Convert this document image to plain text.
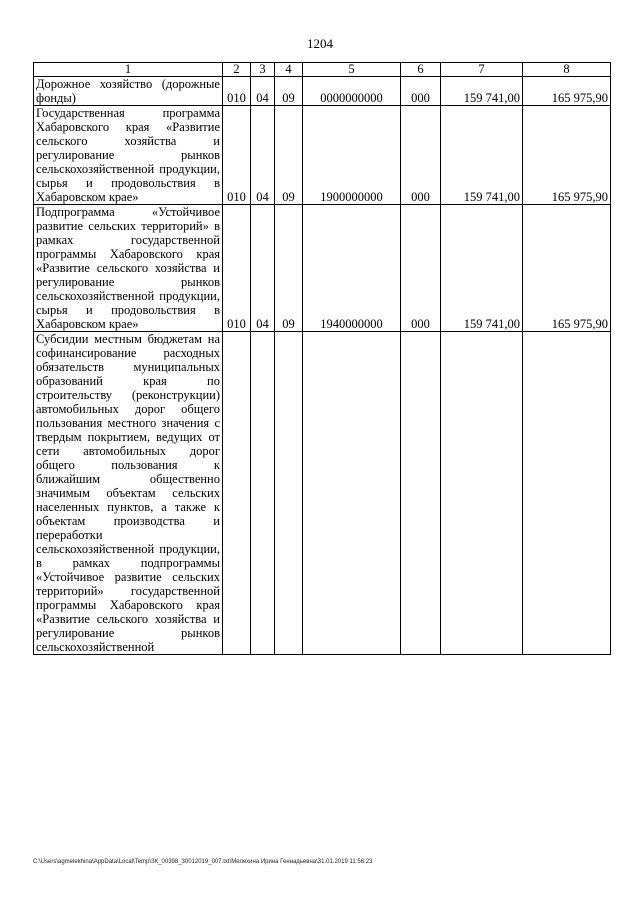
1204
1	2	3	4	5	6	7	8
Дорожное хозяйство (дорожные фонды)	010	04	09	0000000000	000	159 741,00	165 975,90
Государственная программа Хабаровского края «Развитие сельского хозяйства и регулирование рынков сельскохозяйственной продукции, сырья и продовольствия в Хабаровском крае»	010	04	09	1900000000	000	159 741,00	165 975,90
Подпрограмма «Устойчивое развитие сельских территорий» в рамках государственной программы Хабаровского края «Развитие сельского хозяйства и регулирование рынков сельскохозяйственной продукции, сырья и продовольствия в Хабаровском крае»	010	04	09	1940000000	000	159 741,00	165 975,90
Субсидии местным бюджетам на софинансирование расходных обязательств муниципальных образований края по строительству (реконструкции) автомобильных дорог общего пользования местного значения с твердым покрытием, ведущих от сети автомобильных дорог общего пользования к ближайшим общественно значимым объектам сельских населенных пунктов, а также к объектам производства и переработки сельскохозяйственной продукции, в рамках подпрограммы «Устойчивое развитие сельских территорий» государственной программы Хабаровского края «Развитие сельского хозяйства и регулирование рынков сельскохозяйственной							
C:\Users\agmelekhina\AppData\Local\Temp\ЗК_00398_30012019_007.txt\Мелехина Ирина Геннадьевна\31.01.2019 11:56:23
